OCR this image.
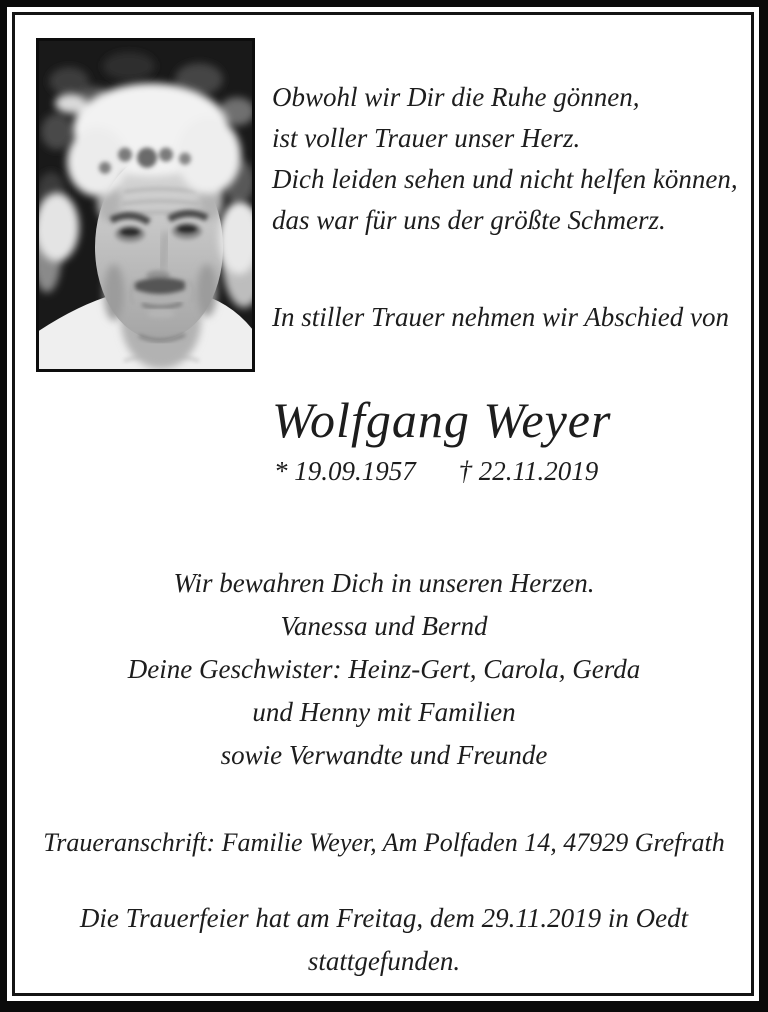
Obwohl wir Dir die Ruhe gönnen,
ist voller Trauer unser Herz.
Dich leiden sehen und nicht helfen können,
das war für uns der größte Schmerz.
In stiller Trauer nehmen wir Abschied von
Wolfgang Weyer
* 19.09.1957 † 22.11.2019
Wir bewahren Dich in unseren Herzen.
Vanessa und Bernd
Deine Geschwister: Heinz-Gert, Carola, Gerda
und Henny mit Familien
sowie Verwandte und Freunde
Traueranschrift: Familie Weyer, Am Polfaden 14, 47929 Grefrath
Die Trauerfeier hat am Freitag, dem 29.11.2019 in Oedt
stattgefunden.
